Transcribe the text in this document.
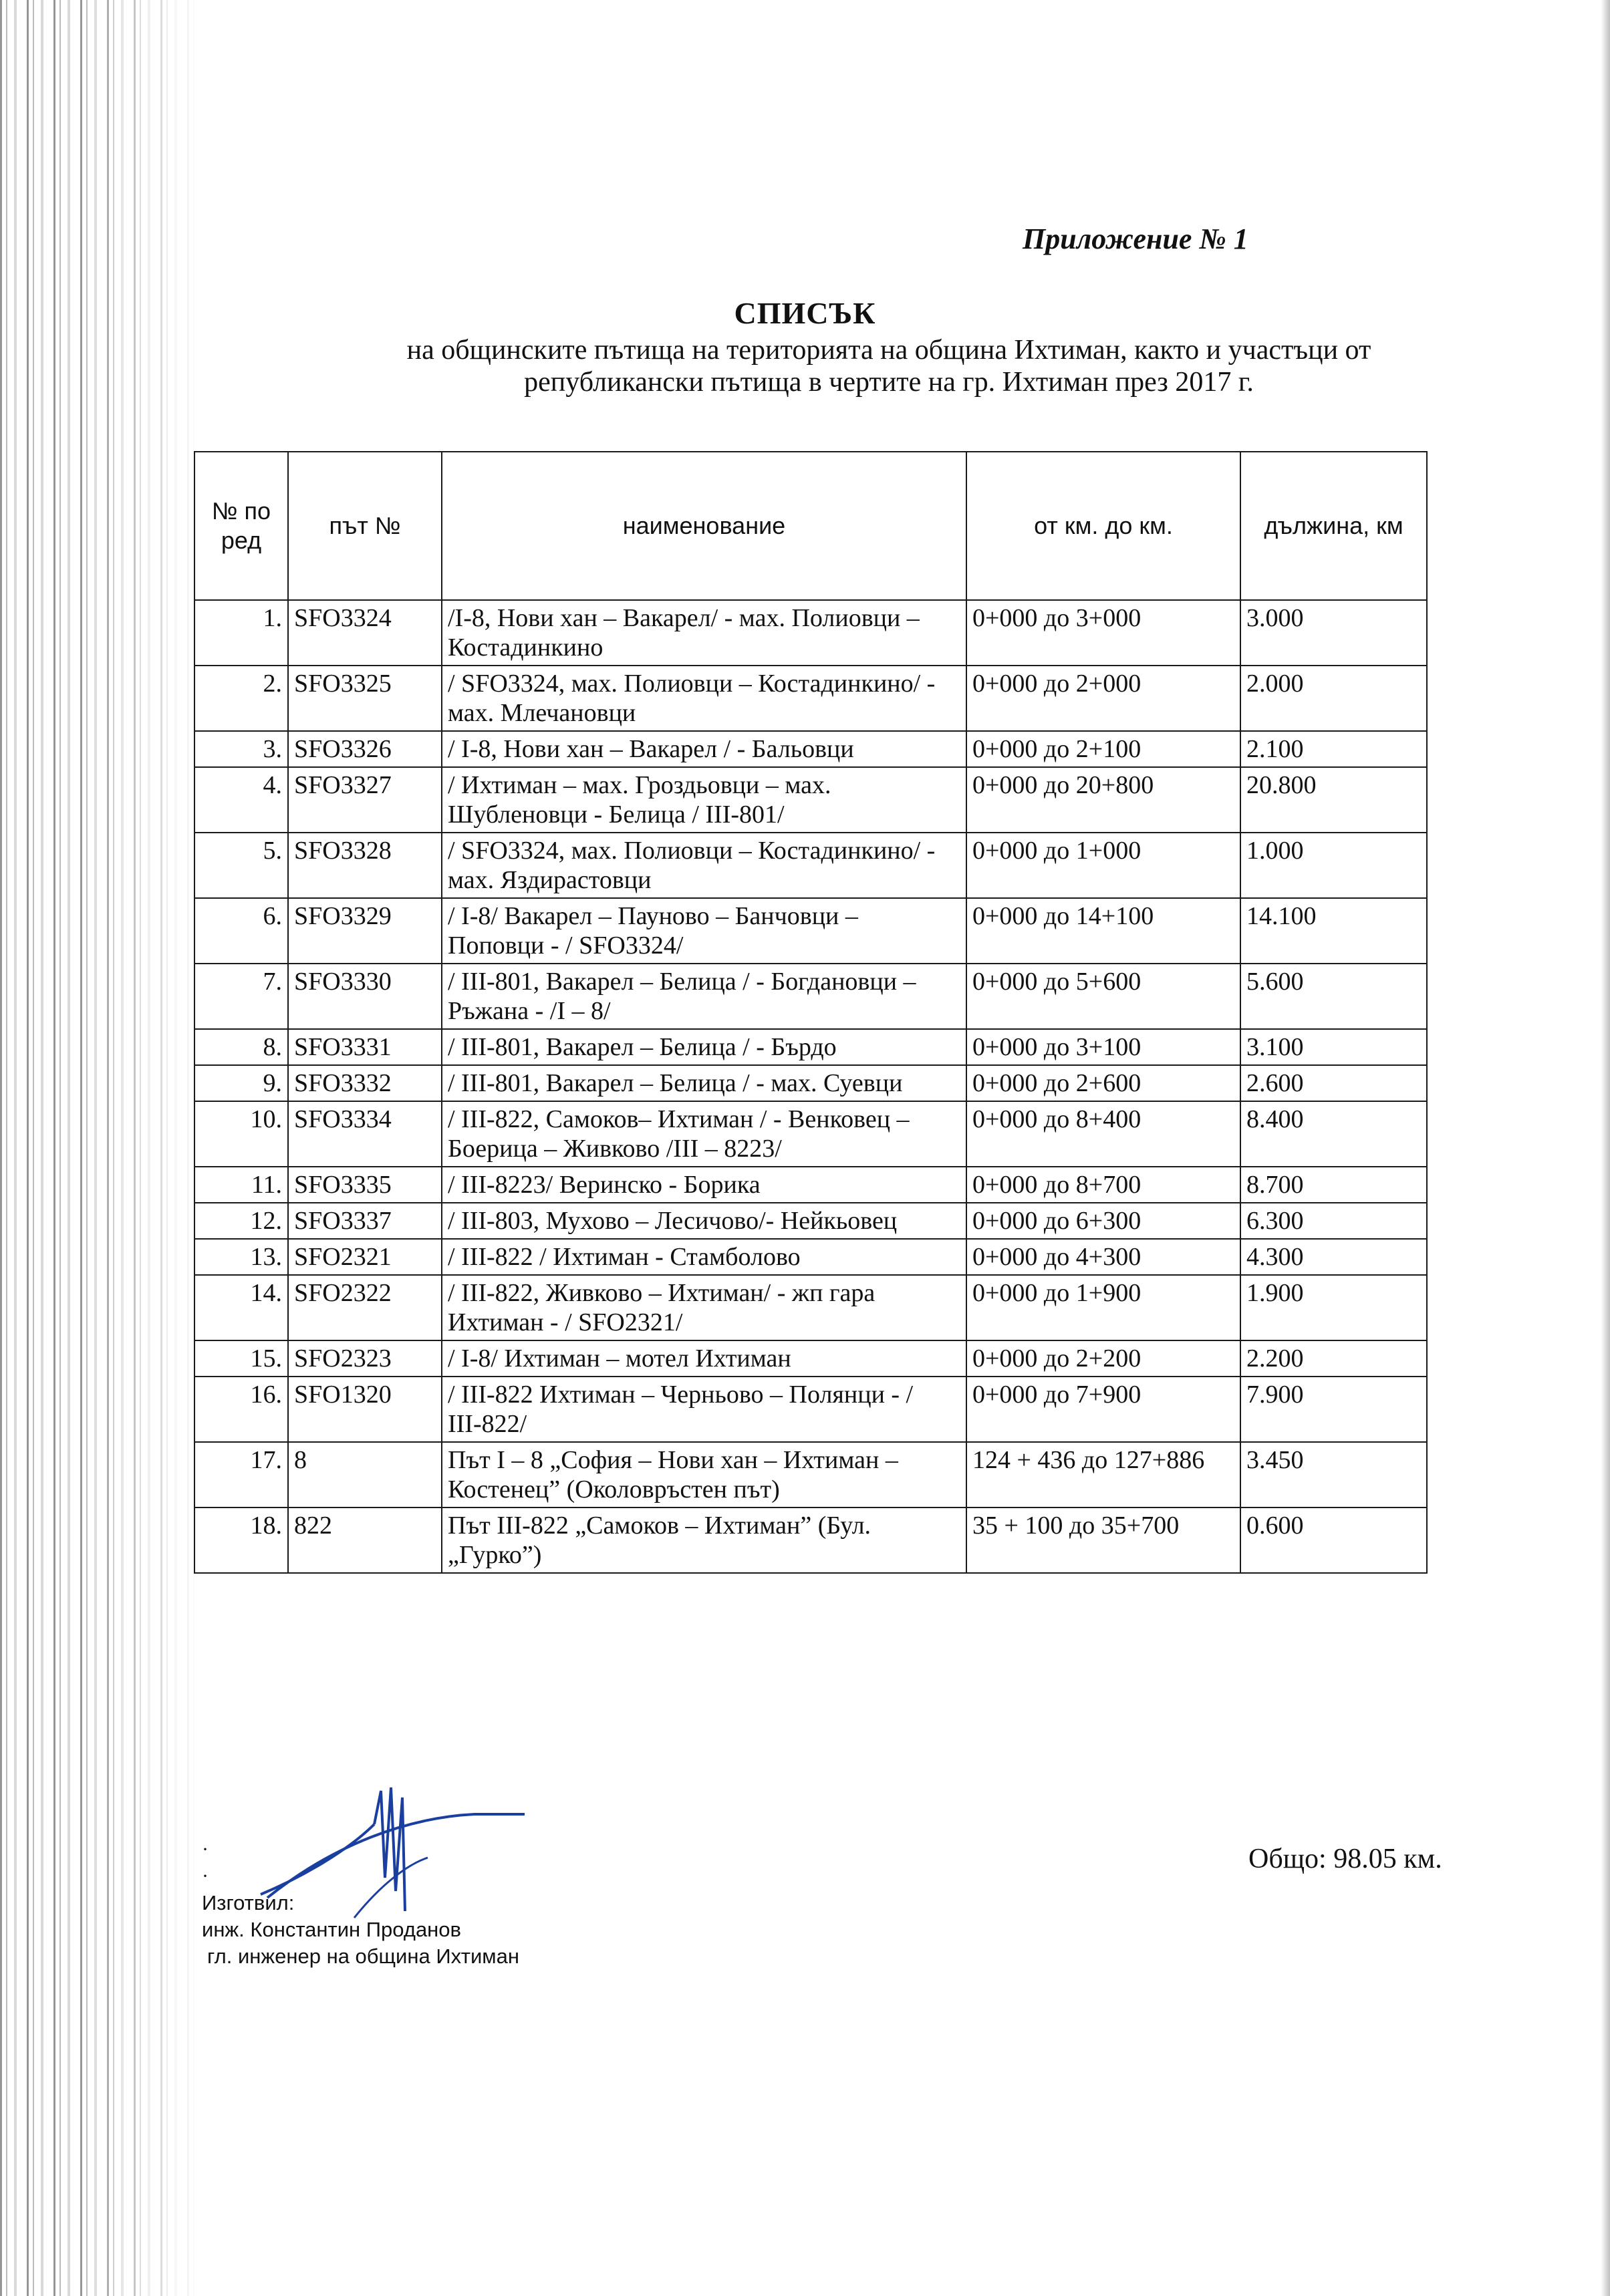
Приложение № 1
СПИСЪК
на общинските пътища на територията на община Ихтиман, както и участъци от
републикански пътища в чертите на гр. Ихтиман през 2017 г.
№ по ред	път №	наименование	от км. до км.	дължина, км
1.	SFO3324	/І-8, Нови хан – Вакарел/ - мах. Полиовци – Костадинкино	0+000 до 3+000	3.000
2.	SFO3325	/ SFO3324, мах. Полиовци – Костадинкино/ - мах. Млечановци	0+000 до 2+000	2.000
3.	SFO3326	/ І-8, Нови хан – Вакарел / - Бальовци	0+000 до 2+100	2.100
4.	SFO3327	/ Ихтиман – мах. Гроздьовци – мах. Шубленовци - Белица / ІІІ-801/	0+000 до 20+800	20.800
5.	SFO3328	/ SFO3324, мах. Полиовци – Костадинкино/ - мах. Яздирастовци	0+000 до 1+000	1.000
6.	SFO3329	/ І-8/ Вакарел – Пауново – Банчовци – Поповци - / SFO3324/	0+000 до 14+100	14.100
7.	SFO3330	/ ІІІ-801, Вакарел – Белица / - Богдановци – Ръжана - /І – 8/	0+000 до 5+600	5.600
8.	SFO3331	/ ІІІ-801, Вакарел – Белица / - Бърдо	0+000 до 3+100	3.100
9.	SFO3332	/ ІІІ-801, Вакарел – Белица / - мах. Суевци	0+000 до 2+600	2.600
10.	SFO3334	/ ІІІ-822, Самоков– Ихтиман / - Венковец – Боерица – Живково /ІІІ – 8223/	0+000 до 8+400	8.400
11.	SFO3335	/ ІІІ-8223/ Веринско - Борика	0+000 до 8+700	8.700
12.	SFO3337	/ ІІІ-803, Мухово – Лесичово/- Нейкьовец	0+000 до 6+300	6.300
13.	SFO2321	/ ІІІ-822 / Ихтиман - Стамболово	0+000 до 4+300	4.300
14.	SFO2322	/ ІІІ-822, Живково – Ихтиман/ - жп гара Ихтиман - / SFO2321/	0+000 до 1+900	1.900
15.	SFO2323	/ І-8/ Ихтиман – мотел Ихтиман	0+000 до 2+200	2.200
16.	SFO1320	/ ІІІ-822 Ихтиман – Черньово – Полянци - / ІІІ-822/	0+000 до 7+900	7.900
17.	8	Път І – 8 „София – Нови хан – Ихтиман – Костенец” (Околовръстен път)	124 + 436 до 127+886	3.450
18.	822	Път ІІІ-822 „Самоков – Ихтиман” (Бул. „Гурко”)	35 + 100 до 35+700	0.600
·
·
Изготвил:
инж. Константин Проданов
гл. инженер на община Ихтиман
Общо: 98.05 км.
